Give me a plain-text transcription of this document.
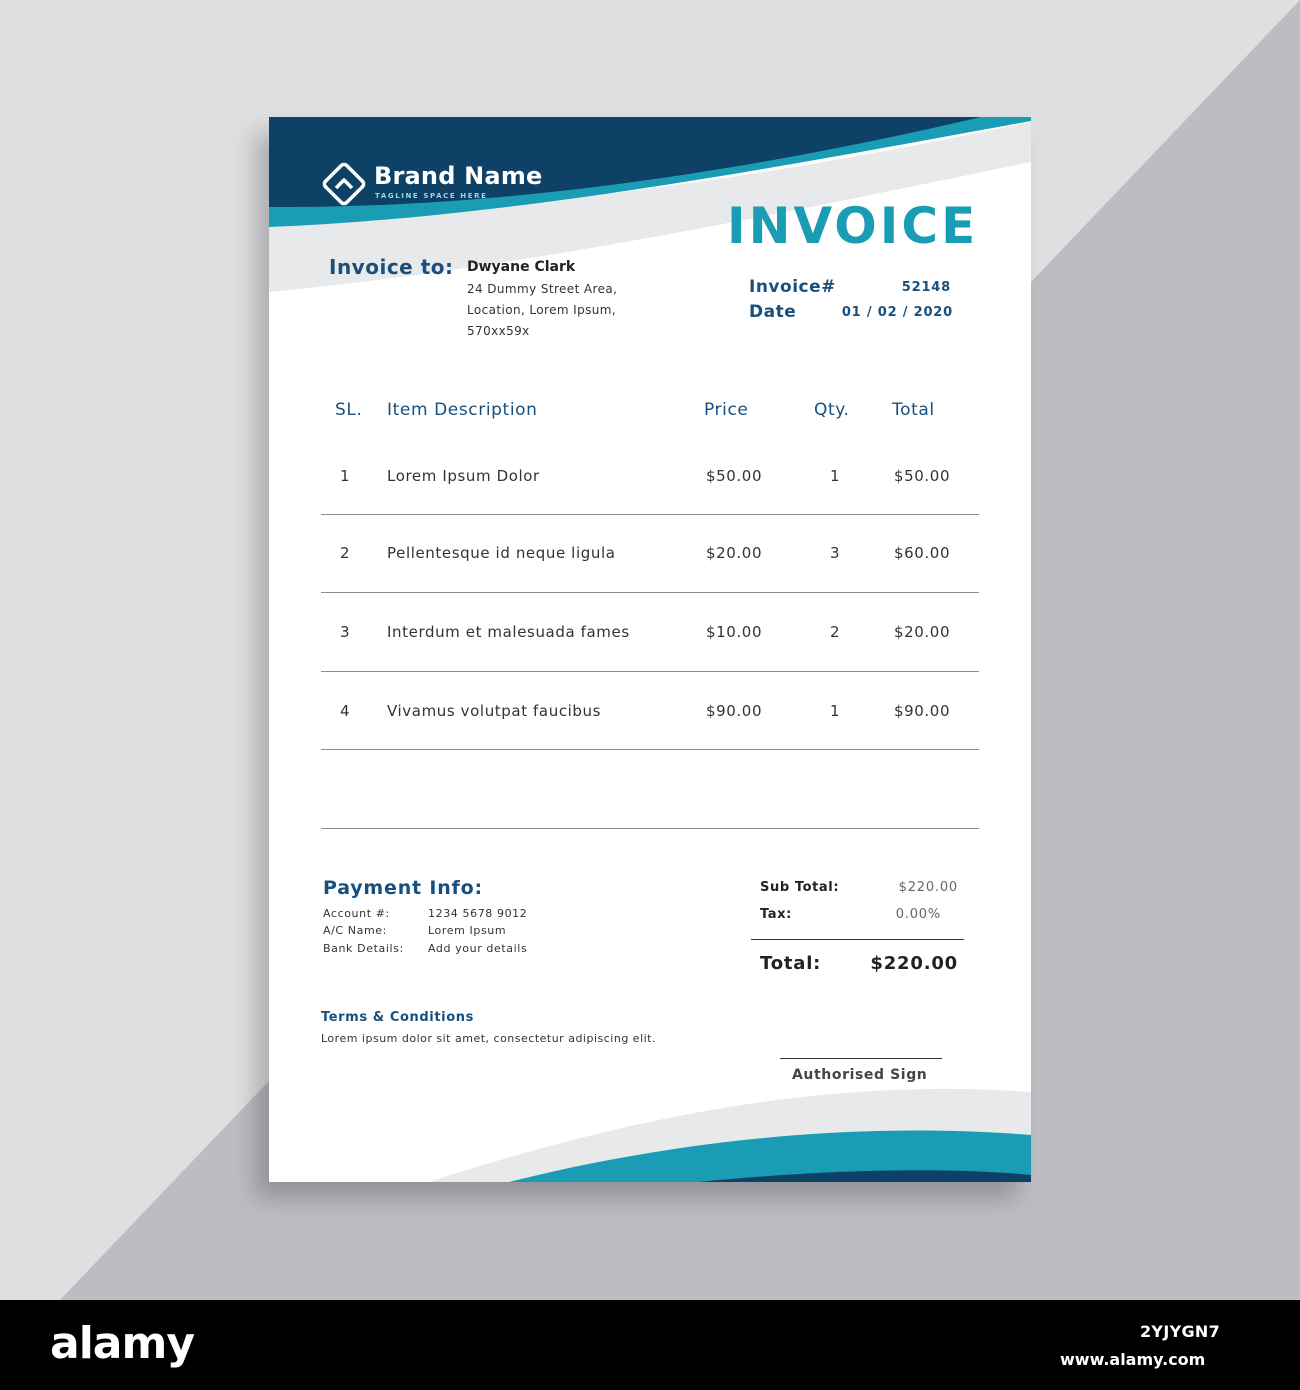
Brand Name
TAGLINE SPACE HERE
INVOICE
Invoice to: Dwyane Clark
24 Dummy Street Area,
Location, Lorem Ipsum,
570xx59x
Invoice#	52148
Date	01 / 02 / 2020
SL. Item Description	Price	Qty.	Total
1 Lorem Ipsum Dolor	$50.00	1	$50.00
2 Pellentesque id neque ligula	$20.00	3	$60.00
3 Interdum et malesuada fames	$10.00	2	$20.00
4 Vivamus volutpat faucibus	$90.00	1	$90.00
Payment Info:
Account #:	1234 5678 9012
A/C Name:	Lorem Ipsum
Bank Details: Add your details
Sub Total:	$220.00
Tax:	0.00%
Total:	$220.00
Terms & Conditions
Lorem ipsum dolor sit amet, consectetur adipiscing elit.
Authorised Sign
alamy	2YJYGN7
www.alamy.com
